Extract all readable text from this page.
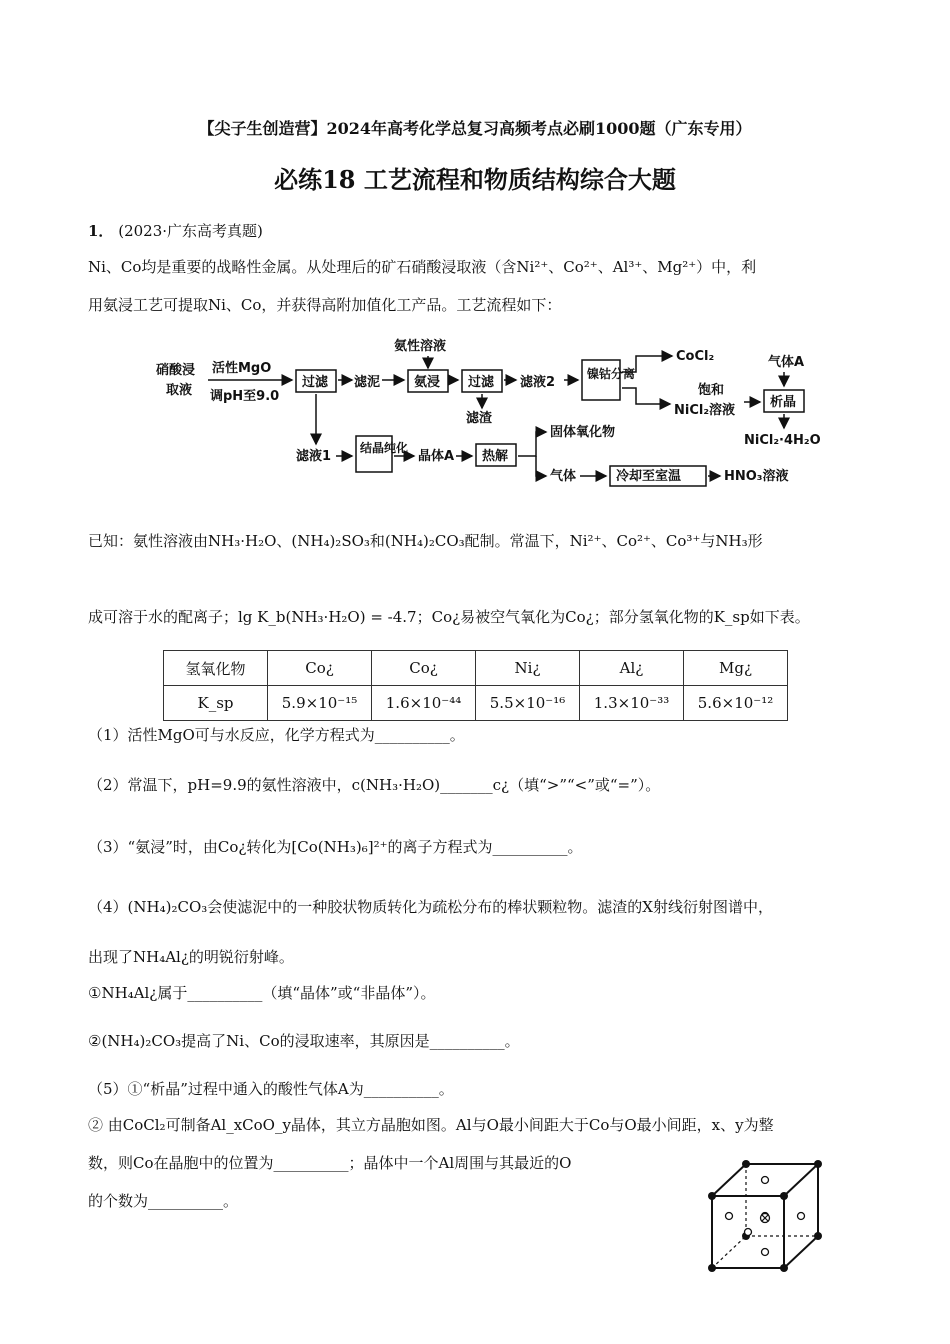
【尖子生创造营】2024年高考化学总复习高频考点必刷1000题（广东专用）
必练18 工艺流程和物质结构综合大题
1． (2023·广东高考真题)
Ni、Co均是重要的战略性金属。从处理后的矿石硝酸浸取液（含Ni²⁺、Co²⁺、Al³⁺、Mg²⁺）中，利
用氨浸工艺可提取Ni、Co，并获得高附加值化工产品。工艺流程如下：
硝酸浸
取液
活性MgO
调pH至9.0
氨性溶液
过滤 滤泥	氨浸 过滤
滤渣
滤液2
镍钴分离
CoCl₂
饱和
NiCl₂溶液
气体A
析晶
NiCl₂·4H₂O
滤液1
结晶纯化
晶体A 热解
固体氧化物
气体	冷却至室温	HNO₃溶液
已知：氨性溶液由NH₃·H₂O、(NH₄)₂SO₃和(NH₄)₂CO₃配制。常温下，Ni²⁺、Co²⁺、Co³⁺与NH₃形
成可溶于水的配离子；lg K_b(NH₃·H₂O) = -4.7；Co¿易被空气氧化为Co¿；部分氢氧化物的K_sp如下表。
氢氧化物	Co¿	Co¿	Ni¿	Al¿	Mg¿
K_sp	5.9×10⁻¹⁵	1.6×10⁻⁴⁴	5.5×10⁻¹⁶	1.3×10⁻³³	5.6×10⁻¹²
（1）活性MgO可与水反应，化学方程式为__________。
（2）常温下，pH=9.9的氨性溶液中，c(NH₃·H₂O)_______c¿（填“>”“<”或“=”）。
（3）“氨浸”时，由Co¿转化为[Co(NH₃)₆]²⁺的离子方程式为__________。
（4）(NH₄)₂CO₃会使滤泥中的一种胶状物质转化为疏松分布的棒状颗粒物。滤渣的X射线衍射图谱中，
出现了NH₄Al¿的明锐衍射峰。
①NH₄Al¿属于__________（填“晶体”或“非晶体”）。
②(NH₄)₂CO₃提高了Ni、Co的浸取速率，其原因是__________。
（5）①“析晶”过程中通入的酸性气体A为__________。
② 由CoCl₂可制备Al_xCoO_y晶体，其立方晶胞如图。Al与O最小间距大于Co与O最小间距，x、y为整
数，则Co在晶胞中的位置为__________；晶体中一个Al周围与其最近的O
的个数为__________。
